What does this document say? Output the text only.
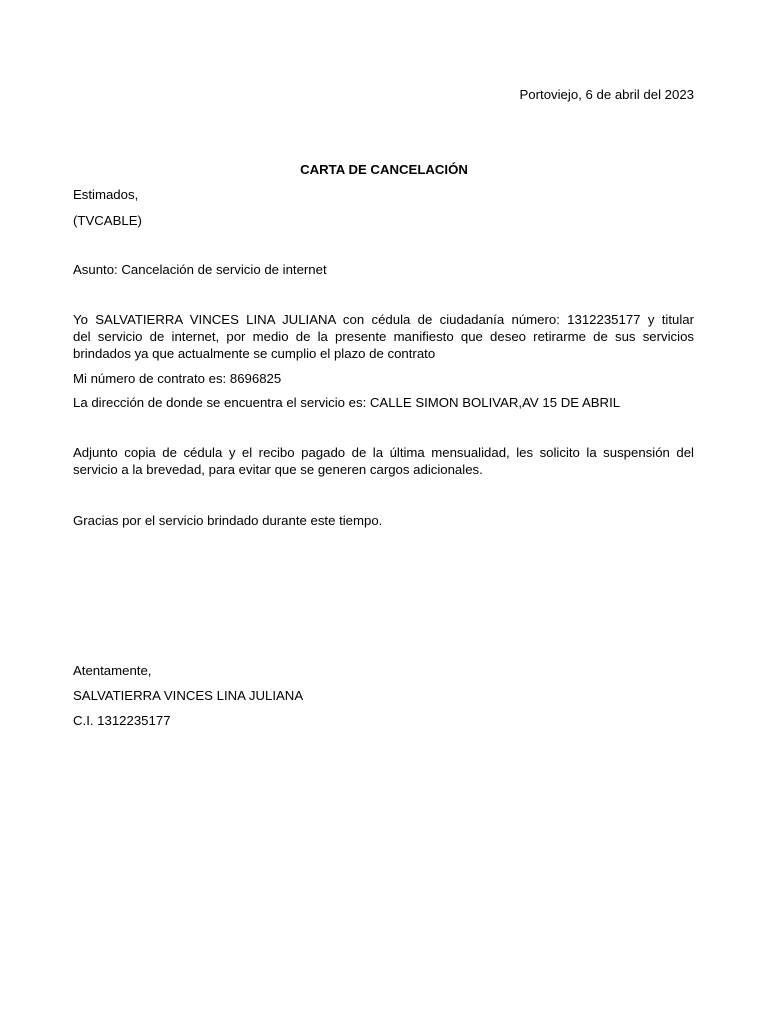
Portoviejo, 6 de abril del 2023
CARTA DE CANCELACIÓN
Estimados,
(TVCABLE)
Asunto: Cancelación de servicio de internet
Yo SALVATIERRA VINCES LINA JULIANA con cédula de ciudadanía número: 1312235177 y titular
del servicio de internet, por medio de la presente manifiesto que deseo retirarme de sus servicios
brindados ya que actualmente se cumplio el plazo de contrato
Mi número de contrato es: 8696825
La dirección de donde se encuentra el servicio es: CALLE SIMON BOLIVAR,AV 15 DE ABRIL
Adjunto copia de cédula y el recibo pagado de la última mensualidad, les solicito la suspensión del
servicio a la brevedad, para evitar que se generen cargos adicionales.
Gracias por el servicio brindado durante este tiempo.
Atentamente,
SALVATIERRA VINCES LINA JULIANA
C.I. 1312235177
